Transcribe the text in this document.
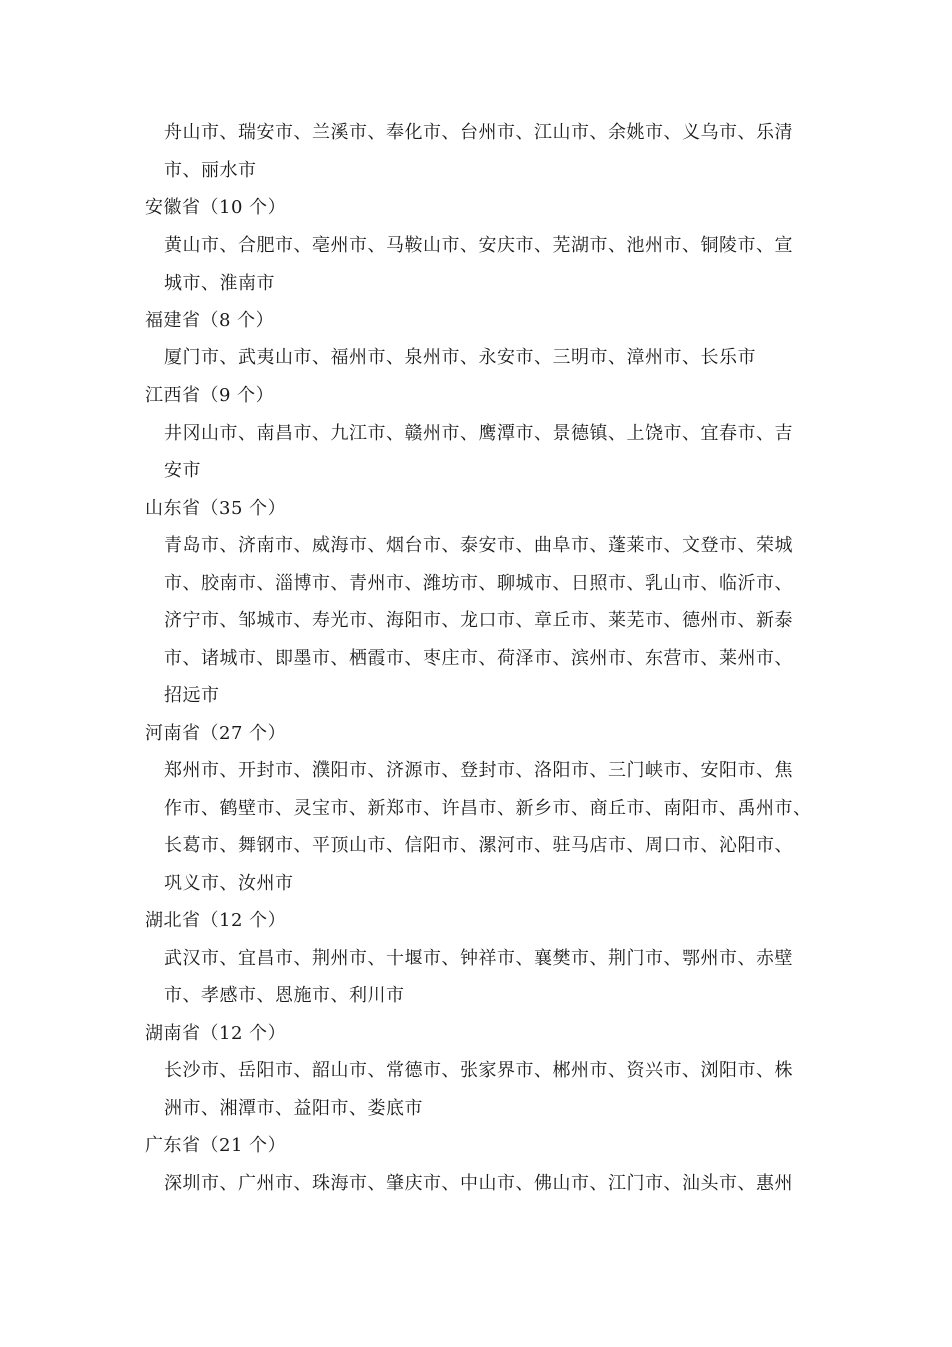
舟山市、瑞安市、兰溪市、奉化市、台州市、江山市、余姚市、义乌市、乐清
市、丽水市
安徽省（10 个）
黄山市、合肥市、亳州市、马鞍山市、安庆市、芜湖市、池州市、铜陵市、宣
城市、淮南市
福建省（8 个）
厦门市、武夷山市、福州市、泉州市、永安市、三明市、漳州市、长乐市
江西省（9 个）
井冈山市、南昌市、九江市、赣州市、鹰潭市、景德镇、上饶市、宜春市、吉
安市
山东省（35 个）
青岛市、济南市、威海市、烟台市、泰安市、曲阜市、蓬莱市、文登市、荣城
市、胶南市、淄博市、青州市、潍坊市、聊城市、日照市、乳山市、临沂市、
济宁市、邹城市、寿光市、海阳市、龙口市、章丘市、莱芜市、德州市、新泰
市、诸城市、即墨市、栖霞市、枣庄市、荷泽市、滨州市、东营市、莱州市、
招远市
河南省（27 个）
郑州市、开封市、濮阳市、济源市、登封市、洛阳市、三门峡市、安阳市、焦
作市、鹤壁市、灵宝市、新郑市、许昌市、新乡市、商丘市、南阳市、禹州市、
长葛市、舞钢市、平顶山市、信阳市、漯河市、驻马店市、周口市、沁阳市、
巩义市、汝州市
湖北省（12 个）
武汉市、宜昌市、荆州市、十堰市、钟祥市、襄樊市、荆门市、鄂州市、赤壁
市、孝感市、恩施市、利川市
湖南省（12 个）
长沙市、岳阳市、韶山市、常德市、张家界市、郴州市、资兴市、浏阳市、株
洲市、湘潭市、益阳市、娄底市
广东省（21 个）
深圳市、广州市、珠海市、肇庆市、中山市、佛山市、江门市、汕头市、惠州
